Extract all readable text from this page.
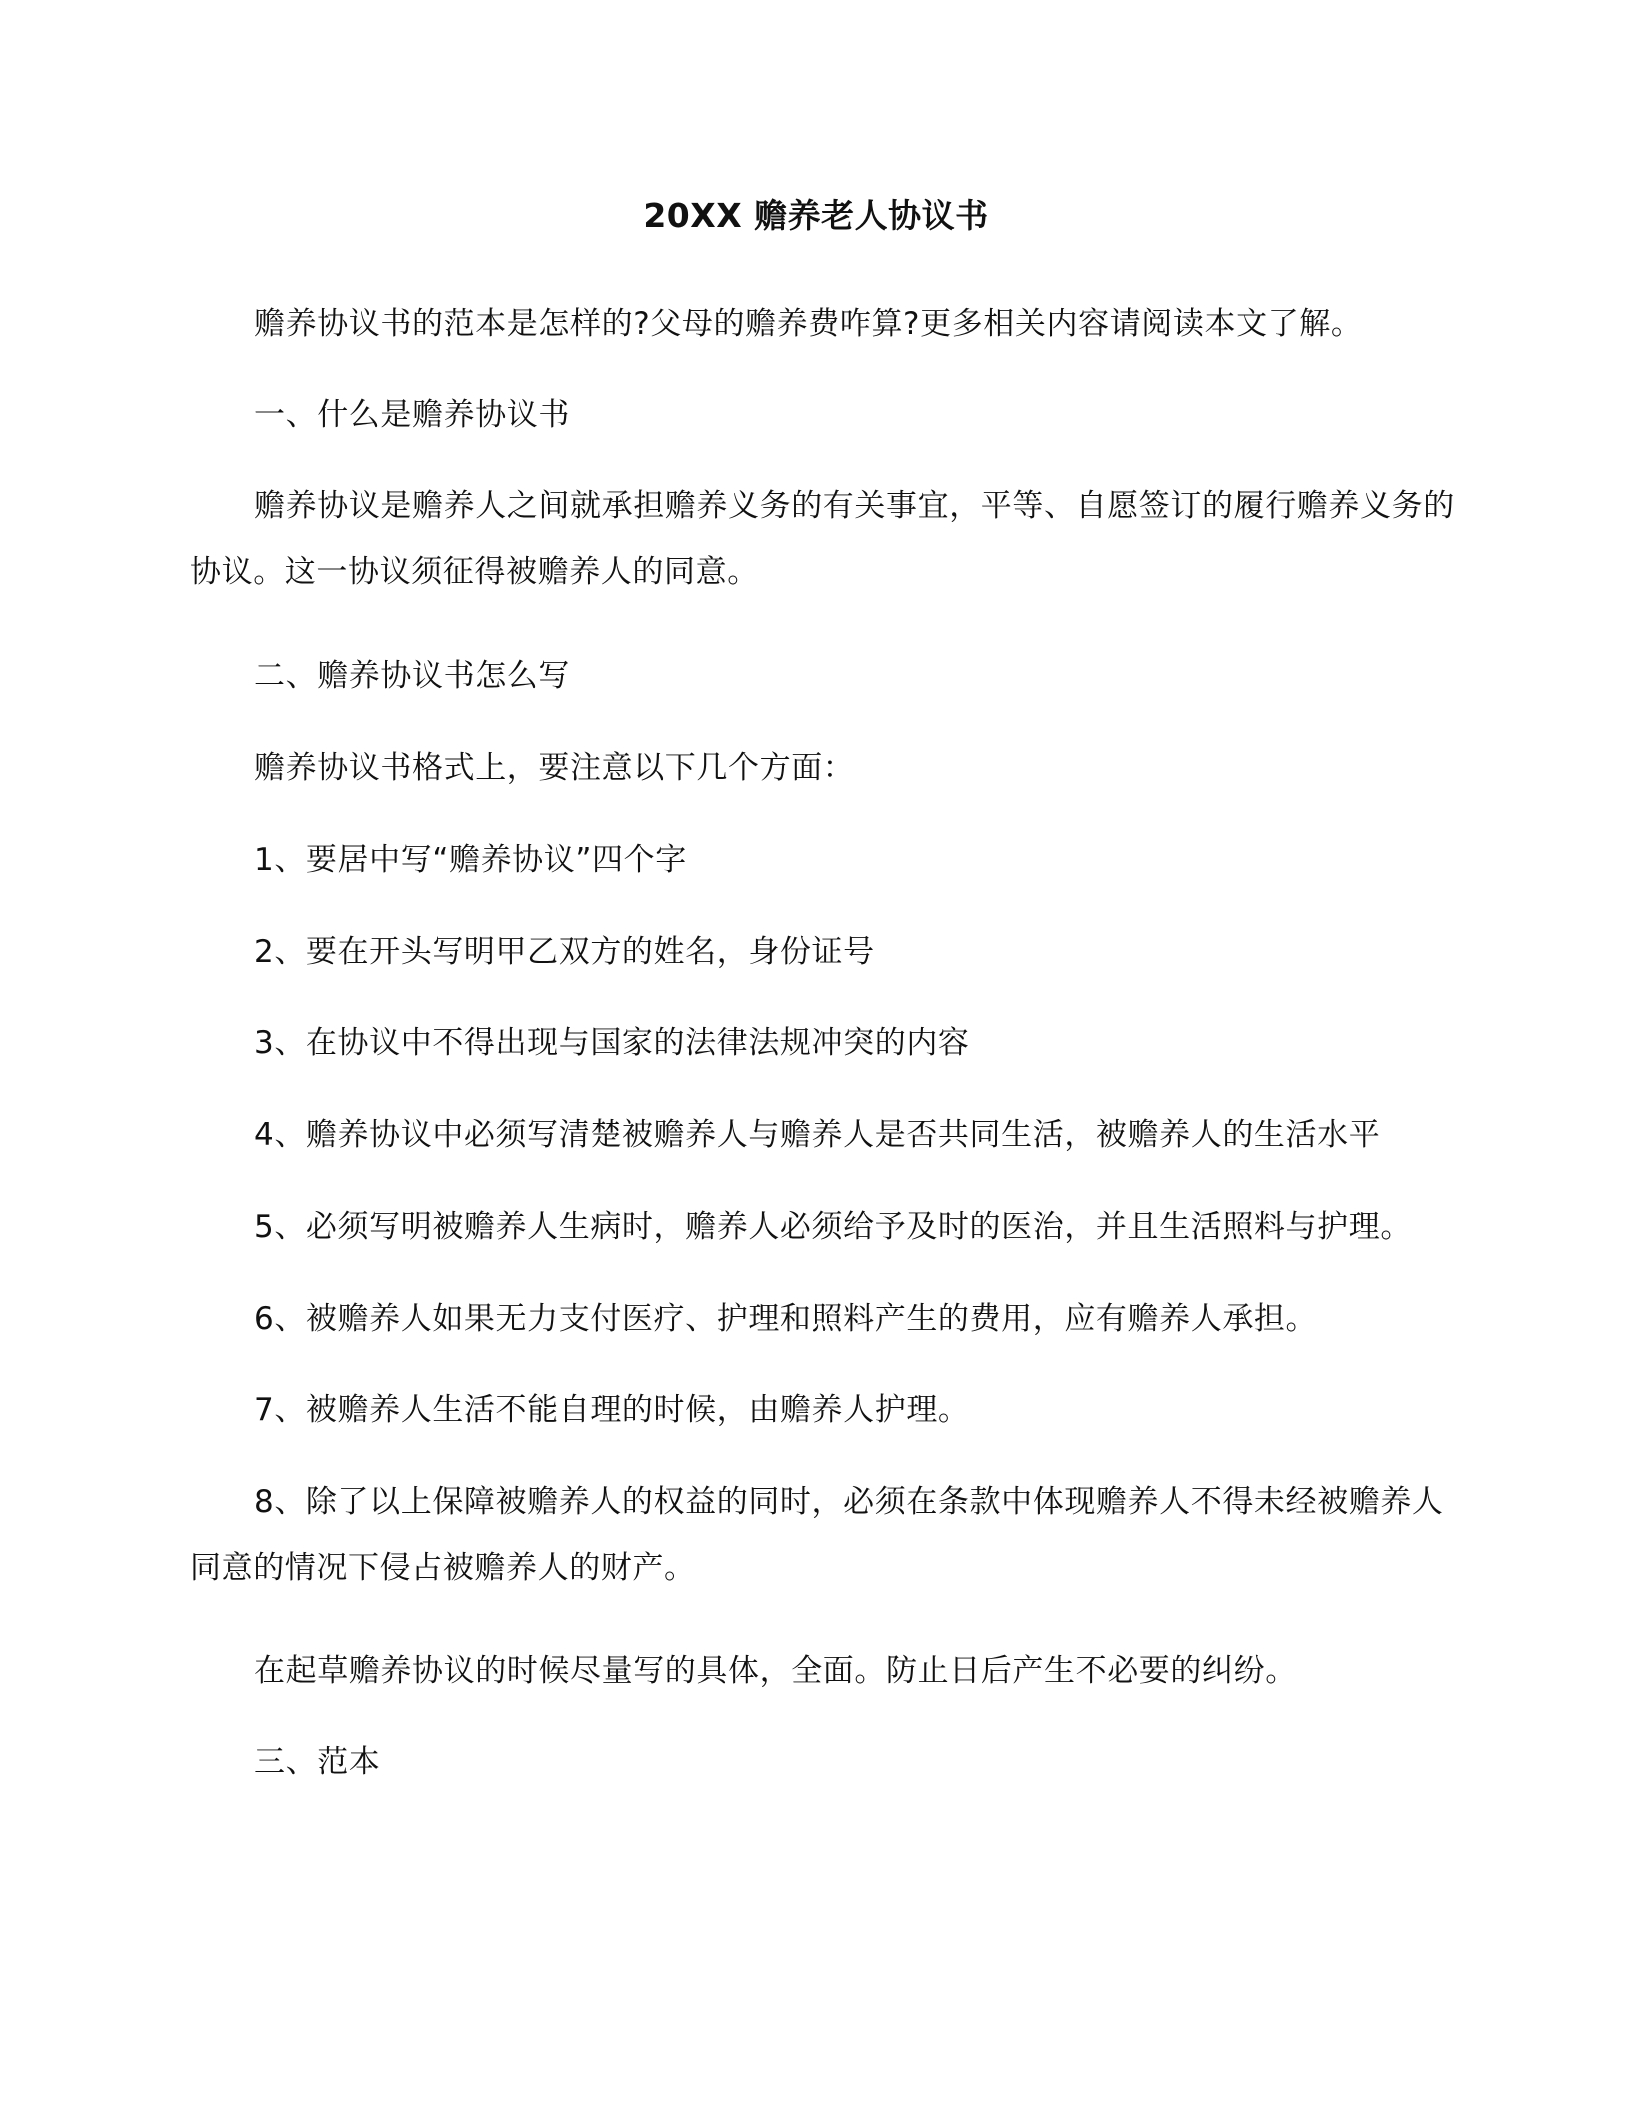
20XX 赡养老人协议书

赡养协议书的范本是怎样的?父母的赡养费咋算?更多相关内容请阅读本文了解。

一、什么是赡养协议书

赡养协议是赡养人之间就承担赡养义务的有关事宜，平等、自愿签订的履行赡养义务的协议。这一协议须征得被赡养人的同意。

二、赡养协议书怎么写

赡养协议书格式上，要注意以下几个方面：

1、要居中写“赡养协议”四个字

2、要在开头写明甲乙双方的姓名，身份证号

3、在协议中不得出现与国家的法律法规冲突的内容

4、赡养协议中必须写清楚被赡养人与赡养人是否共同生活，被赡养人的生活水平

5、必须写明被赡养人生病时，赡养人必须给予及时的医治，并且生活照料与护理。

6、被赡养人如果无力支付医疗、护理和照料产生的费用，应有赡养人承担。

7、被赡养人生活不能自理的时候，由赡养人护理。

8、除了以上保障被赡养人的权益的同时，必须在条款中体现赡养人不得未经被赡养人同意的情况下侵占被赡养人的财产。

在起草赡养协议的时候尽量写的具体，全面。防止日后产生不必要的纠纷。

三、范本
